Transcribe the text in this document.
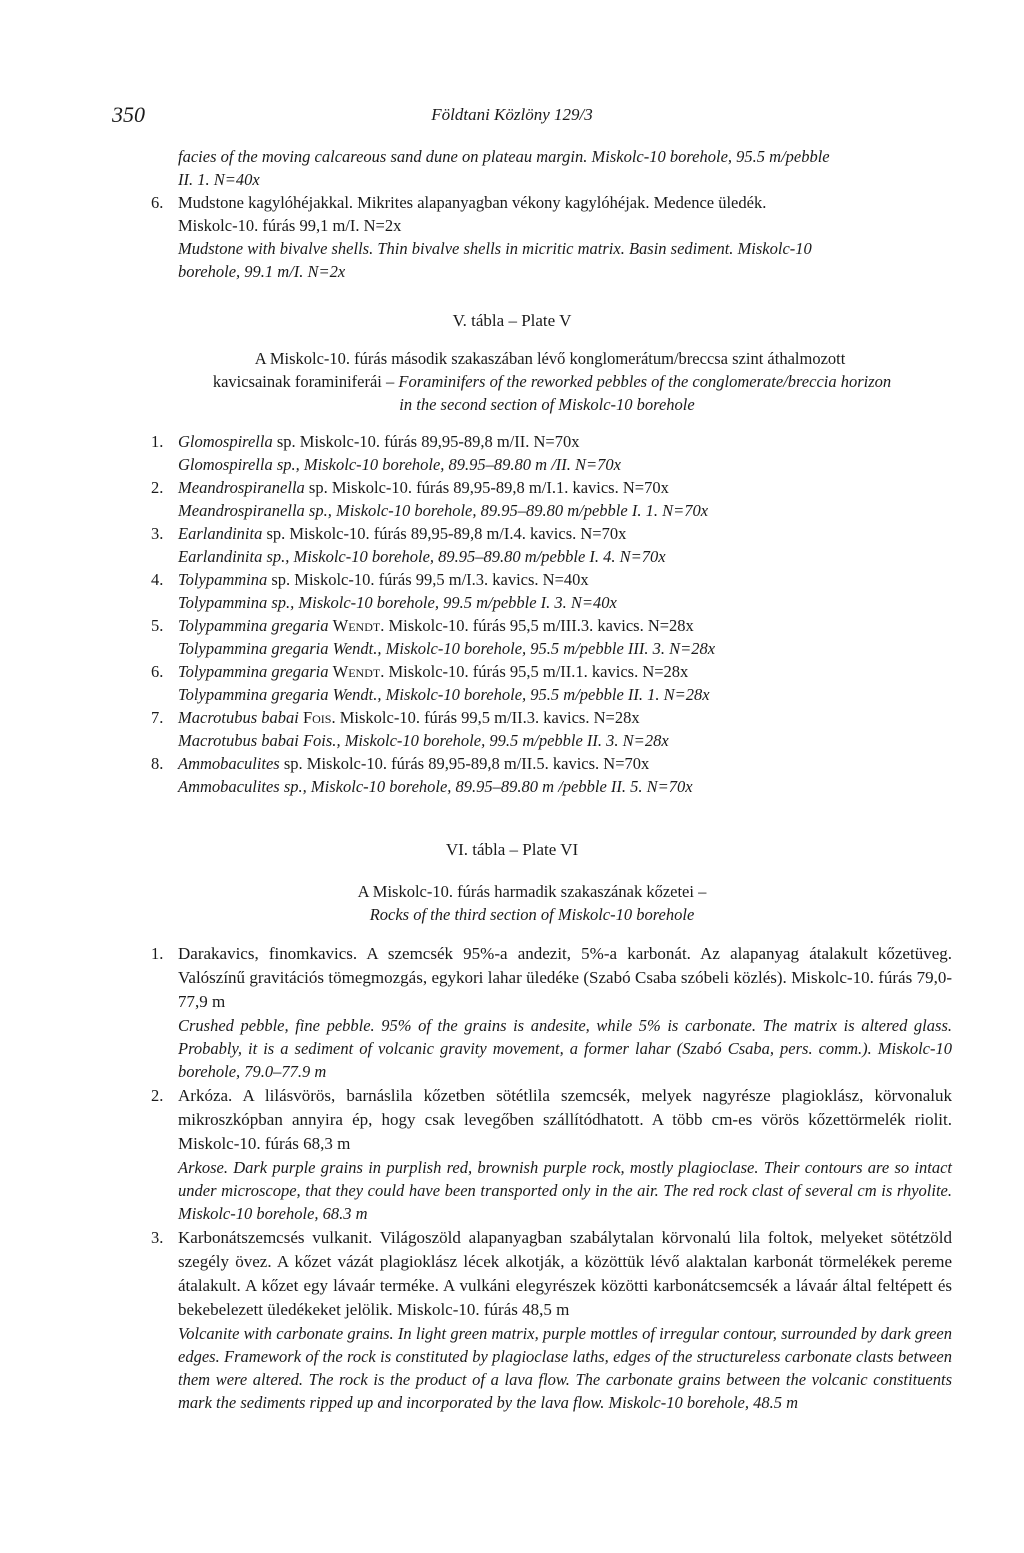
350	Földtani Közlöny 129/3
facies of the moving calcareous sand dune on plateau margin. Miskolc-10 borehole, 95.5 m/pebble
II. 1. N=40x
6. Mudstone kagylóhéjakkal. Mikrites alapanyagban vékony kagylóhéjak. Medence üledék.
Miskolc-10. fúrás 99,1 m/I. N=2x
Mudstone with bivalve shells. Thin bivalve shells in micritic matrix. Basin sediment. Miskolc-10
borehole, 99.1 m/I. N=2x
V. tábla – Plate V
A Miskolc-10. fúrás második szakaszában lévő konglomerátum/breccsa szint áthalmozott
kavicsainak foraminiferái – Foraminifers of the reworked pebbles of the conglomerate/breccia horizon
in the second section of Miskolc-10 borehole
1. Glomospirella sp. Miskolc-10. fúrás 89,95-89,8 m/II. N=70x
Glomospirella sp., Miskolc-10 borehole, 89.95–89.80 m /II. N=70x
2. Meandrospiranella sp. Miskolc-10. fúrás 89,95-89,8 m/I.1. kavics. N=70x
Meandrospiranella sp., Miskolc-10 borehole, 89.95–89.80 m/pebble I. 1. N=70x
3. Earlandinita sp. Miskolc-10. fúrás 89,95-89,8 m/I.4. kavics. N=70x
Earlandinita sp., Miskolc-10 borehole, 89.95–89.80 m/pebble I. 4. N=70x
4. Tolypammina sp. Miskolc-10. fúrás 99,5 m/I.3. kavics. N=40x
Tolypammina sp., Miskolc-10 borehole, 99.5 m/pebble I. 3. N=40x
5. Tolypammina gregaria Wendt. Miskolc-10. fúrás 95,5 m/III.3. kavics. N=28x
Tolypammina gregaria Wendt., Miskolc-10 borehole, 95.5 m/pebble III. 3. N=28x
6. Tolypammina gregaria Wendt. Miskolc-10. fúrás 95,5 m/II.1. kavics. N=28x
Tolypammina gregaria Wendt., Miskolc-10 borehole, 95.5 m/pebble II. 1. N=28x
7. Macrotubus babai Fois. Miskolc-10. fúrás 99,5 m/II.3. kavics. N=28x
Macrotubus babai Fois., Miskolc-10 borehole, 99.5 m/pebble II. 3. N=28x
8. Ammobaculites sp. Miskolc-10. fúrás 89,95-89,8 m/II.5. kavics. N=70x
Ammobaculites sp., Miskolc-10 borehole, 89.95–89.80 m /pebble II. 5. N=70x
VI. tábla – Plate VI
A Miskolc-10. fúrás harmadik szakaszának kőzetei –
Rocks of the third section of Miskolc-10 borehole
1. Darakavics, finomkavics. A szemcsék 95%-a andezit, 5%-a karbonát. Az alapanyag átalakult kőzetüveg. Valószínű gravitációs tömegmozgás, egykori lahar üledéke (Szabó Csaba szóbeli közlés). Miskolc-10. fúrás 79,0-77,9 m
Crushed pebble, fine pebble. 95% of the grains is andesite, while 5% is carbonate. The matrix is altered glass. Probably, it is a sediment of volcanic gravity movement, a former lahar (Szabó Csaba, pers. comm.). Miskolc-10 borehole, 79.0–77.9 m
2. Arkóza. A lilásvörös, barnáslila kőzetben sötétlila szemcsék, melyek nagyrésze plagioklász, körvonaluk mikroszkópban annyira ép, hogy csak levegőben szállítódhatott. A több cm-es vörös kőzettörmelék riolit. Miskolc-10. fúrás 68,3 m
Arkose. Dark purple grains in purplish red, brownish purple rock, mostly plagioclase. Their contours are so intact under microscope, that they could have been transported only in the air. The red rock clast of several cm is rhyolite. Miskolc-10 borehole, 68.3 m
3. Karbonátszemcsés vulkanit. Világoszöld alapanyagban szabálytalan körvonalú lila foltok, melyeket sötétzöld szegély övez. A kőzet vázát plagioklász lécek alkotják, a közöttük lévő alaktalan karbonát törmelékek pereme átalakult. A kőzet egy lávaár terméke. A vulkáni elegyrészek közötti karbonátcsemcsék a lávaár által feltépett és bekebelezett üledékeket jelölik. Miskolc-10. fúrás 48,5 m
Volcanite with carbonate grains. In light green matrix, purple mottles of irregular contour, surrounded by dark green edges. Framework of the rock is constituted by plagioclase laths, edges of the structureless carbonate clasts between them were altered. The rock is the product of a lava flow. The carbonate grains between the volcanic constituents mark the sediments ripped up and incorporated by the lava flow. Miskolc-10 borehole, 48.5 m
